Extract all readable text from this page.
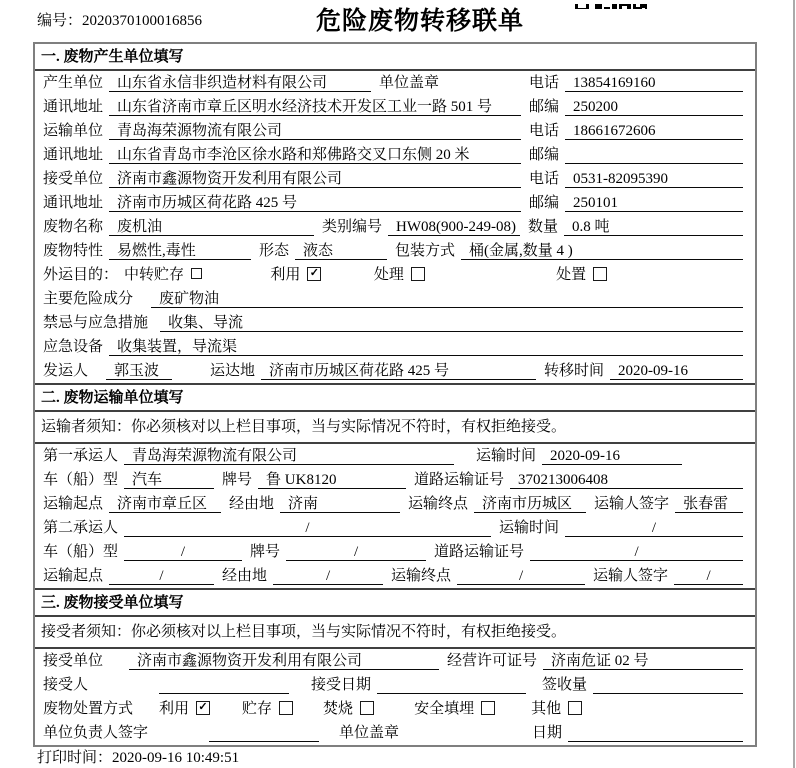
编号：2020370100016856	危险废物转移联单
一. 废物产生单位填写
产生单位 山东省永信非织造材料有限公司	单位盖章	电话 13854169160
通讯地址 山东省济南市章丘区明水经济技术开发区工业一路 501 号	邮编 250200
运输单位 青岛海荣源物流有限公司	电话 18661672606
通讯地址 山东省青岛市李沧区徐水路和郑佛路交叉口东侧 20 米	邮编
接受单位 济南市鑫源物资开发利用有限公司	电话 0531-82095390
通讯地址 济南市历城区荷花路 425 号	邮编 250101
废物名称 废机油	类别编号 HW08(900-249-08) 数量 0.8 吨
废物特性 易燃性,毒性	形态 液态	包装方式 桶(金属,数量 4 )
外运目的： 中转贮存	利用 ✓	处理	处置
主要危险成分	废矿物油
禁忌与应急措施	收集、导流
应急设备 收集装置，导流渠
发运人	郭玉波	运达地 济南市历城区荷花路 425 号	转移时间 2020-09-16
二. 废物运输单位填写
运输者须知：你必须核对以上栏目事项，当与实际情况不符时，有权拒绝接受。
第一承运人 青岛海荣源物流有限公司	运输时间 2020-09-16
车（船）型 汽车	牌号 鲁 UK8120	道路运输证号 370213006408
运输起点 济南市章丘区	经由地 济南	运输终点 济南市历城区	运输人签字 张春雷
第二承运人	/	运输时间	/
车（船）型	/	牌号	/	道路运输证号	/
运输起点	/	经由地	/	运输终点	/	运输人签字	/
三. 废物接受单位填写
接受者须知：你必须核对以上栏目事项，当与实际情况不符时，有权拒绝接受。
接受单位	济南市鑫源物资开发利用有限公司	经营许可证号 济南危证 02 号
接受人	接受日期	签收量
废物处置方式 利用 ✓ 贮存	焚烧	安全填埋	其他
单位负责人签字	单位盖章	日期
打印时间：2020-09-16 10:49:51
